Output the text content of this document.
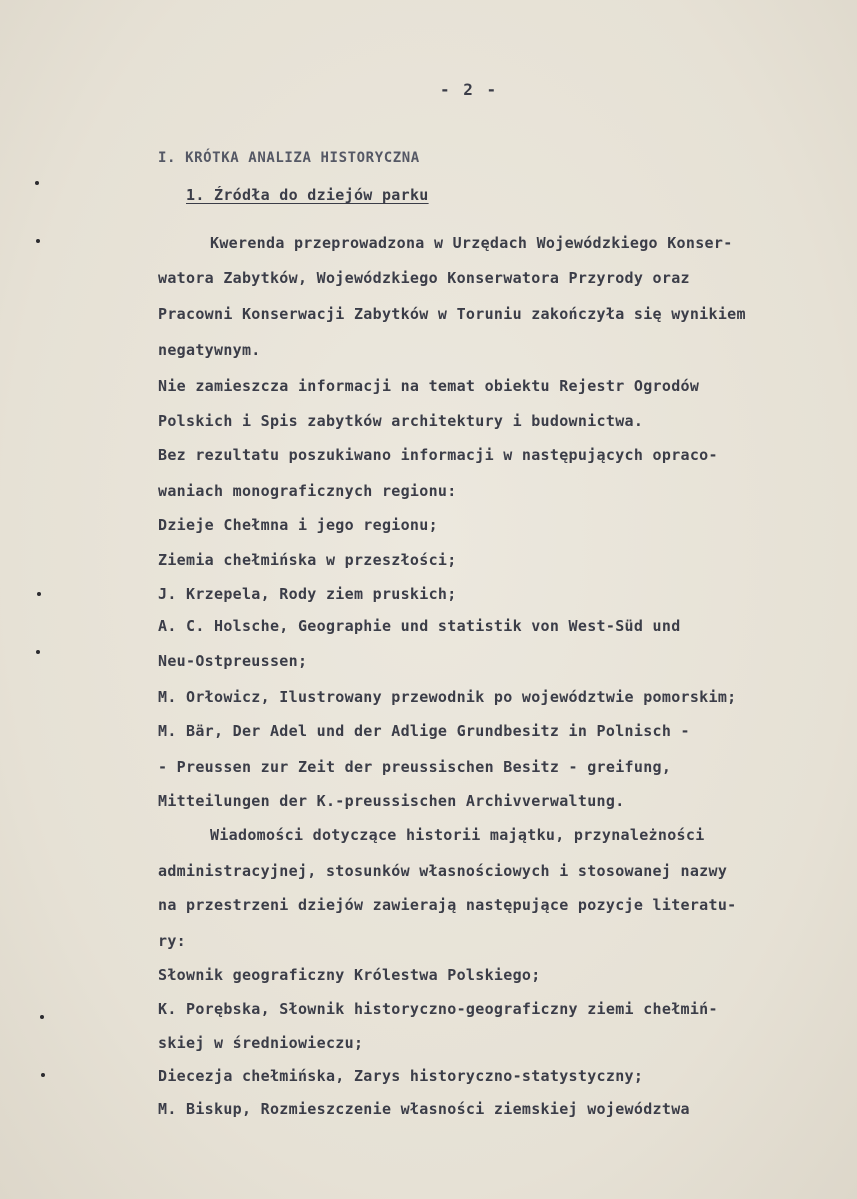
- 2 -
I. KRÓTKA ANALIZA HISTORYCZNA
1. Źródła do dziejów parku
Kwerenda przeprowadzona w Urzędach Wojewódzkiego Konser-
watora Zabytków, Wojewódzkiego Konserwatora Przyrody oraz
Pracowni Konserwacji Zabytków w Toruniu zakończyła się wynikiem
negatywnym.
Nie zamieszcza informacji na temat obiektu Rejestr Ogrodów
Polskich i Spis zabytków architektury i budownictwa.
Bez rezultatu poszukiwano informacji w następujących opraco-
waniach monograficznych regionu:
Dzieje Chełmna i jego regionu;
Ziemia chełmińska w przeszłości;
J. Krzepela, Rody ziem pruskich;
A. C. Holsche, Geographie und statistik von West-Süd und
Neu-Ostpreussen;
M. Orłowicz, Ilustrowany przewodnik po województwie pomorskim;
M. Bär, Der Adel und der Adlige Grundbesitz in Polnisch -
- Preussen zur Zeit der preussischen Besitz - greifung,
Mitteilungen der K.-preussischen Archivverwaltung.
Wiadomości dotyczące historii majątku, przynależności
administracyjnej, stosunków własnościowych i stosowanej nazwy
na przestrzeni dziejów zawierają następujące pozycje literatu-
ry:
Słownik geograficzny Królestwa Polskiego;
K. Porębska, Słownik historyczno-geograficzny ziemi chełmiń-
skiej w średniowieczu;
Diecezja chełmińska, Zarys historyczno-statystyczny;
M. Biskup, Rozmieszczenie własności ziemskiej województwa
